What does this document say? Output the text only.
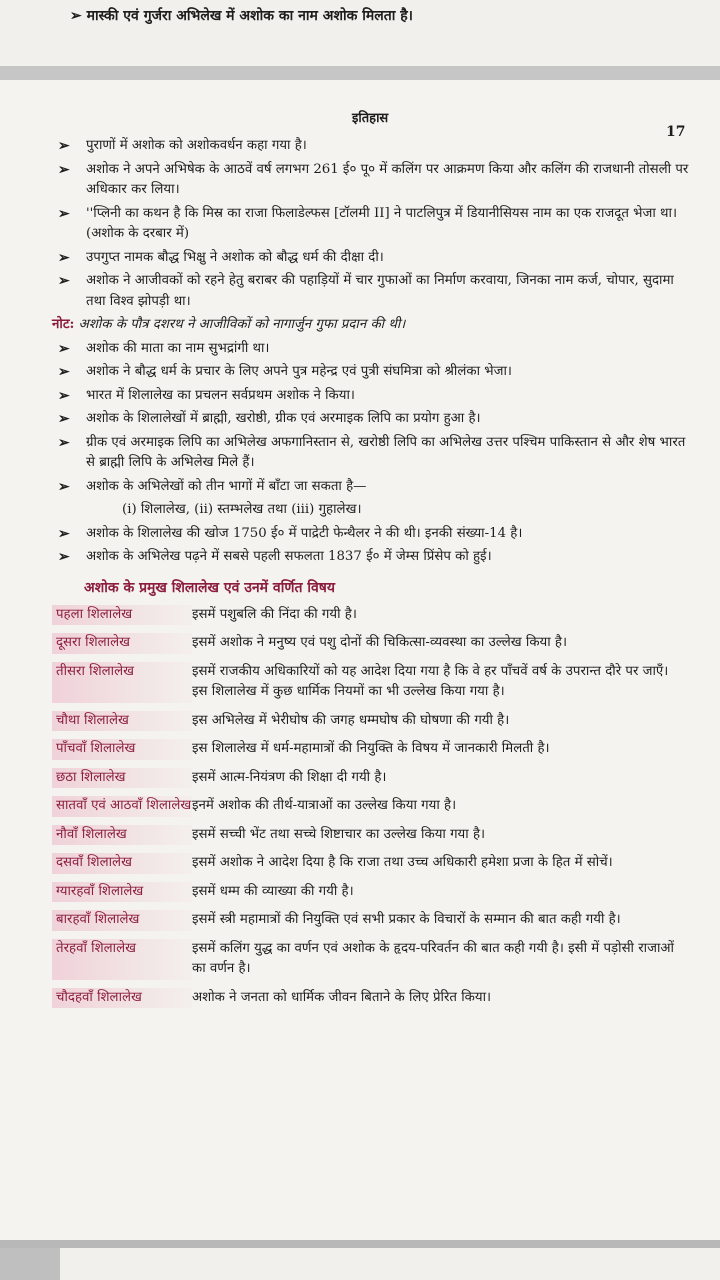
➢ मास्की एवं गुर्जरा अभिलेख में अशोक का नाम अशोक मिलता है।
इतिहास
17
➢ पुराणों में अशोक को अशोकवर्धन कहा गया है।
➢ अशोक ने अपने अभिषेक के आठवें वर्ष लगभग 261 ई० पू० में कलिंग पर आक्रमण किया और कलिंग की राजधानी तोसली पर अधिकार कर लिया।
➢ ''प्लिनी का कथन है कि मिस्र का राजा फिलाडेल्फस [टॉलमी II] ने पाटलिपुत्र में डियानीसियस नाम का एक राजदूत भेजा था। (अशोक के दरबार में)
➢ उपगुप्त नामक बौद्ध भिक्षु ने अशोक को बौद्ध धर्म की दीक्षा दी।
➢ अशोक ने आजीवकों को रहने हेतु बराबर की पहाड़ियों में चार गुफाओं का निर्माण करवाया, जिनका नाम कर्ज, चोपार, सुदामा तथा विश्व झोपड़ी था।
नोट: अशोक के पौत्र दशरथ ने आजीविकों को नागार्जुन गुफा प्रदान की थी।
➢ अशोक की माता का नाम सुभद्रांगी था।
➢ अशोक ने बौद्ध धर्म के प्रचार के लिए अपने पुत्र महेन्द्र एवं पुत्री संघमित्रा को श्रीलंका भेजा।
➢ भारत में शिलालेख का प्रचलन सर्वप्रथम अशोक ने किया।
➢ अशोक के शिलालेखों में ब्राह्मी, खरोष्ठी, ग्रीक एवं अरमाइक लिपि का प्रयोग हुआ है।
➢ ग्रीक एवं अरमाइक लिपि का अभिलेख अफगानिस्तान से, खरोष्ठी लिपि का अभिलेख उत्तर पश्चिम पाकिस्तान से और शेष भारत से ब्राह्मी लिपि के अभिलेख मिले हैं।
➢ अशोक के अभिलेखों को तीन भागों में बाँटा जा सकता है—
(i) शिलालेख, (ii) स्तम्भलेख तथा (iii) गुहालेख।
➢ अशोक के शिलालेख की खोज 1750 ई० में पाद्रेटी फेन्थैलर ने की थी। इनकी संख्या-14 है।
➢ अशोक के अभिलेख पढ़ने में सबसे पहली सफलता 1837 ई० में जेम्स प्रिंसेप को हुई।
अशोक के प्रमुख शिलालेख एवं उनमें वर्णित विषय
पहला शिलालेख	इसमें पशुबलि की निंदा की गयी है।
दूसरा शिलालेख	इसमें अशोक ने मनुष्य एवं पशु दोनों की चिकित्सा-व्यवस्था का उल्लेख किया है।
तीसरा शिलालेख	इसमें राजकीय अधिकारियों को यह आदेश दिया गया है कि वे हर पाँचवें वर्ष के उपरान्त दौरे पर जाएँ। इस शिलालेख में कुछ धार्मिक नियमों का भी उल्लेख किया गया है।
चौथा शिलालेख	इस अभिलेख में भेरीघोष की जगह धम्मघोष की घोषणा की गयी है।
पाँचवाँ शिलालेख	इस शिलालेख में धर्म-महामात्रों की नियुक्ति के विषय में जानकारी मिलती है।
छठा शिलालेख	इसमें आत्म-नियंत्रण की शिक्षा दी गयी है।
सातवाँ एवं आठवाँ शिलालेख इनमें अशोक की तीर्थ-यात्राओं का उल्लेख किया गया है।
नौवाँ शिलालेख	इसमें सच्ची भेंट तथा सच्चे शिष्टाचार का उल्लेख किया गया है।
दसवाँ शिलालेख	इसमें अशोक ने आदेश दिया है कि राजा तथा उच्च अधिकारी हमेशा प्रजा के हित में सोचें।
ग्यारहवाँ शिलालेख	इसमें धम्म की व्याख्या की गयी है।
बारहवाँ शिलालेख	इसमें स्त्री महामात्रों की नियुक्ति एवं सभी प्रकार के विचारों के सम्मान की बात कही गयी है।
तेरहवाँ शिलालेख	इसमें कलिंग युद्ध का वर्णन एवं अशोक के हृदय-परिवर्तन की बात कही गयी है। इसी में पड़ोसी राजाओं का वर्णन है।
चौदहवाँ शिलालेख	अशोक ने जनता को धार्मिक जीवन बिताने के लिए प्रेरित किया।
